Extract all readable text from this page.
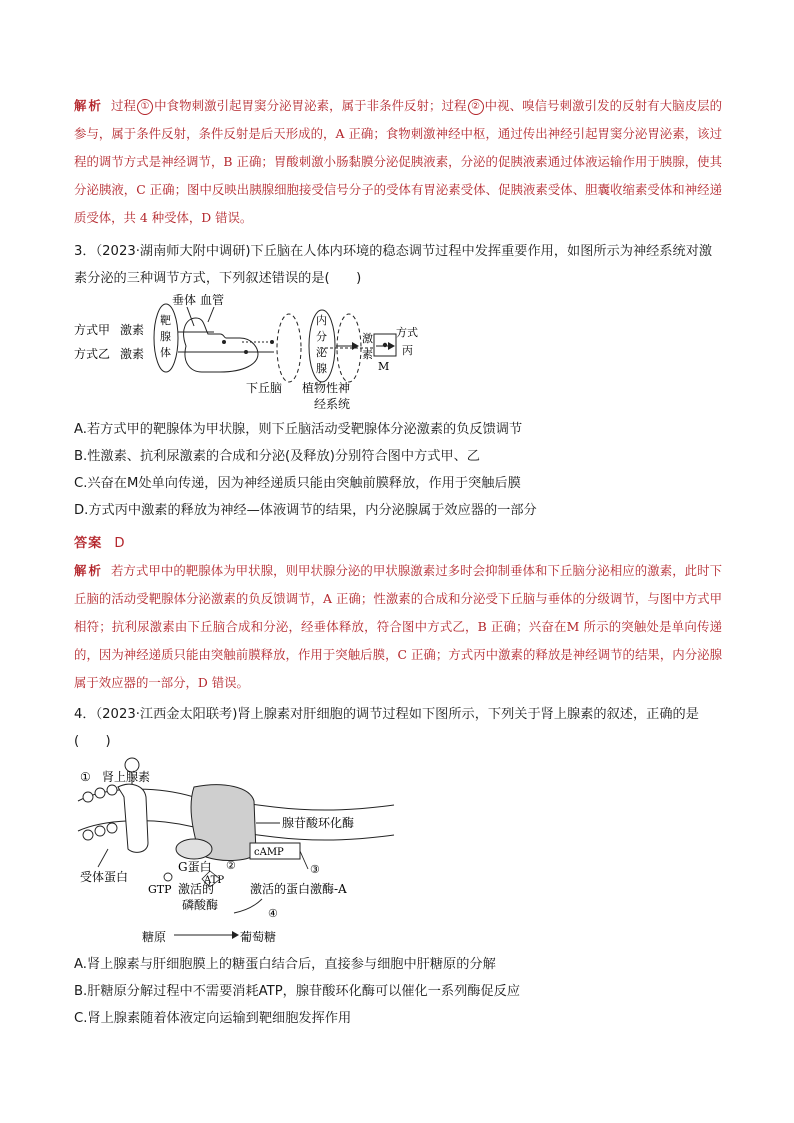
解析 过程 ① 中食物刺激引起胃窦分泌胃泌素，属于非条件反射；过程 ② 中视、嗅信号刺激引发的反射有大脑皮层的参与，属于条件反射，条件反射是后天形成的，A 正确；食物刺激神经中枢，通过传出神经引起胃窦分泌胃泌素，该过程的调节方式是神经调节，B 正确；胃酸刺激小肠黏膜分泌促胰液素，分泌的促胰液素通过体液运输作用于胰腺，使其分泌胰液，C 正确；图中反映出胰腺细胞接受信号分子的受体有胃泌素受体、促胰液素受体、胆囊收缩素受体和神经递质受体，共 4 种受体，D 错误。
3．（2023·湖南师大附中调研)下丘脑在人体内环境的稳态调节过程中发挥重要作用，如图所示为神经系统对激素分泌的三种调节方式，下列叙述错误的是(　　)
垂体 血管
方式甲 激素
方式乙 激素
靶
腺
体
M
下丘脑 植物性神
经系统
内
分
泌
腺
激
素
方式
丙
A.若方式甲的靶腺体为甲状腺，则下丘脑活动受靶腺体分泌激素的负反馈调节
B.性激素、抗利尿激素的合成和分泌(及释放)分别符合图中方式甲、乙
C.兴奋在M处单向传递，因为神经递质只能由突触前膜释放，作用于突触后膜
D.方式丙中激素的释放为神经—体液调节的结果，内分泌腺属于效应器的一部分
答案 D
解析 若方式甲中的靶腺体为甲状腺，则甲状腺分泌的甲状腺激素过多时会抑制垂体和下丘脑分泌相应的激素，此时下丘脑的活动受靶腺体分泌激素的负反馈调节，A 正确；性激素的合成和分泌受下丘脑与垂体的分级调节，与图中方式甲相符；抗利尿激素由下丘脑合成和分泌，经垂体释放，符合图中方式乙，B 正确；兴奋在M 所示的突触处是单向传递的，因为神经递质只能由突触前膜释放，作用于突触后膜，C 正确；方式丙中激素的释放是神经调节的结果，内分泌腺属于效应器的一部分，D 错误。
4．（2023·江西金太阳联考)肾上腺素对肝细胞的调节过程如下图所示，下列关于肾上腺素的叙述，正确的是(　　)
① 肾上腺素
腺苷酸环化酶
cAMP
G蛋白 ②
ATP
③
受体蛋白
GTP 激活的
磷酸酶
激活的蛋白激酶-A
④
糖原	葡萄糖
A.肾上腺素与肝细胞膜上的糖蛋白结合后，直接参与细胞中肝糖原的分解
B.肝糖原分解过程中不需要消耗ATP，腺苷酸环化酶可以催化一系列酶促反应
C.肾上腺素随着体液定向运输到靶细胞发挥作用
